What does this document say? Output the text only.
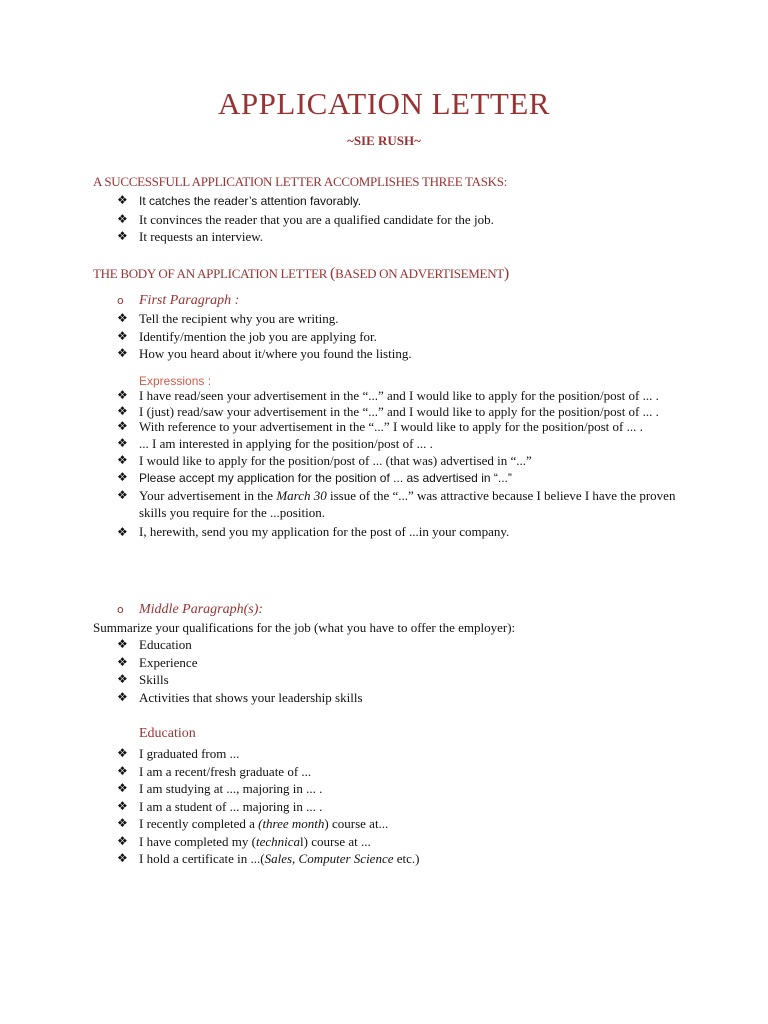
APPLICATION LETTER
~SIE RUSH~
A SUCCESSFULL APPLICATION LETTER ACCOMPLISHES THREE TASKS:
❖ It catches the reader’s attention favorably.
❖ It convinces the reader that you are a qualified candidate for the job.
❖ It requests an interview.
THE BODY OF AN APPLICATION LETTER (BASED ON ADVERTISEMENT)
o First Paragraph :
❖ Tell the recipient why you are writing.
❖ Identify/mention the job you are applying for.
❖ How you heard about it/where you found the listing.
Expressions :
❖ I have read/seen your advertisement in the “...” and I would like to apply for the position/post of ... .
❖ I (just) read/saw your advertisement in the “...” and I would like to apply for the position/post of ... .
❖ With reference to your advertisement in the “...” I would like to apply for the position/post of ... .
❖ ... I am interested in applying for the position/post of ... .
❖ I would like to apply for the position/post of ... (that was) advertised in “...”
❖ Please accept my application for the position of ... as advertised in “...”
❖ Your advertisement in the March 30 issue of the “...” was attractive because I believe I have the proven skills you require for the ...position.
❖ I, herewith, send you my application for the post of ...in your company.
o Middle Paragraph(s):
Summarize your qualifications for the job (what you have to offer the employer):
❖ Education
❖ Experience
❖ Skills
❖ Activities that shows your leadership skills
Education
❖ I graduated from ...
❖ I am a recent/fresh graduate of ...
❖ I am studying at ..., majoring in ... .
❖ I am a student of ... majoring in ... .
❖ I recently completed a (three month) course at...
❖ I have completed my (technical) course at ...
❖ I hold a certificate in ...(Sales, Computer Science etc.)
